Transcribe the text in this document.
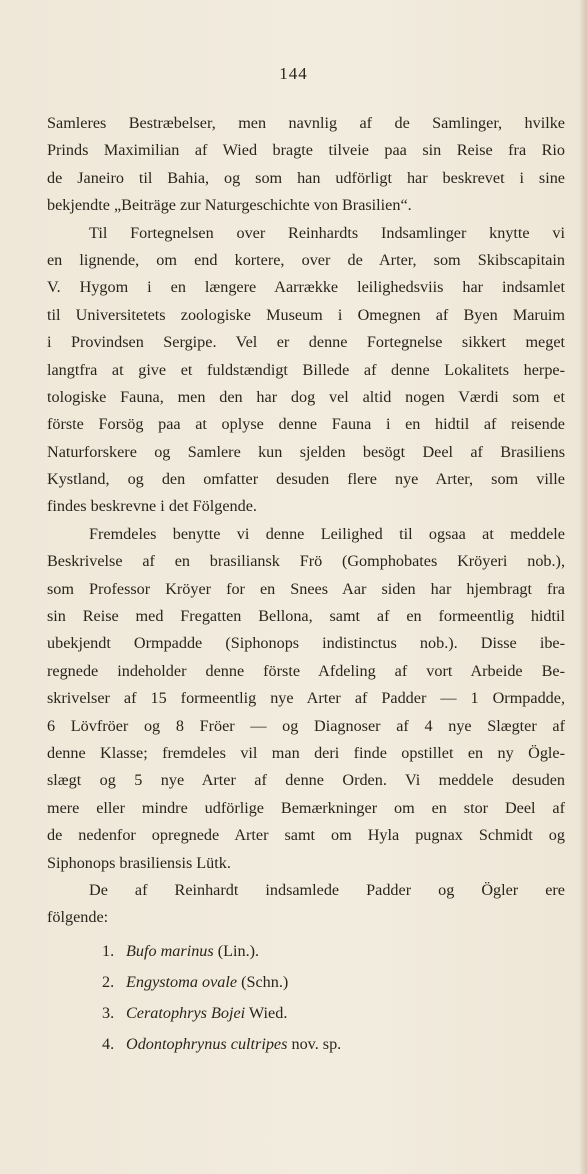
144
Samleres Bestræbelser, men navnlig af de Samlinger, hvilke
Prinds Maximilian af Wied bragte tilveie paa sin Reise fra Rio
de Janeiro til Bahia, og som han udförligt har beskrevet i sine
bekjendte „Beiträge zur Naturgeschichte von Brasilien“.
Til Fortegnelsen over Reinhardts Indsamlinger knytte vi
en lignende, om end kortere, over de Arter, som Skibscapitain
V. Hygom i en længere Aarrække leilighedsviis har indsamlet
til Universitetets zoologiske Museum i Omegnen af Byen Maruim
i Provindsen Sergipe. Vel er denne Fortegnelse sikkert meget
langtfra at give et fuldstændigt Billede af denne Lokalitets herpe-
tologiske Fauna, men den har dog vel altid nogen Værdi som et
förste Forsög paa at oplyse denne Fauna i en hidtil af reisende
Naturforskere og Samlere kun sjelden besögt Deel af Brasiliens
Kystland, og den omfatter desuden flere nye Arter, som ville
findes beskrevne i det Fölgende.
Fremdeles benytte vi denne Leilighed til ogsaa at meddele
Beskrivelse af en brasiliansk Frö (Gomphobates Kröyeri nob.),
som Professor Kröyer for en Snees Aar siden har hjembragt fra
sin Reise med Fregatten Bellona, samt af en formeentlig hidtil
ubekjendt Ormpadde (Siphonops indistinctus nob.). Disse ibe-
regnede indeholder denne förste Afdeling af vort Arbeide Be-
skrivelser af 15 formeentlig nye Arter af Padder — 1 Ormpadde,
6 Lövfröer og 8 Fröer — og Diagnoser af 4 nye Slægter af
denne Klasse; fremdeles vil man deri finde opstillet en ny Ögle-
slægt og 5 nye Arter af denne Orden. Vi meddele desuden
mere eller mindre udförlige Bemærkninger om en stor Deel af
de nedenfor opregnede Arter samt om Hyla pugnax Schmidt og
Siphonops brasiliensis Lütk.
De af Reinhardt indsamlede Padder og Ögler ere
fölgende:
1. Bufo marinus (Lin.).
2. Engystoma ovale (Schn.)
3. Ceratophrys Bojei Wied.
4. Odontophrynus cultripes nov. sp.
